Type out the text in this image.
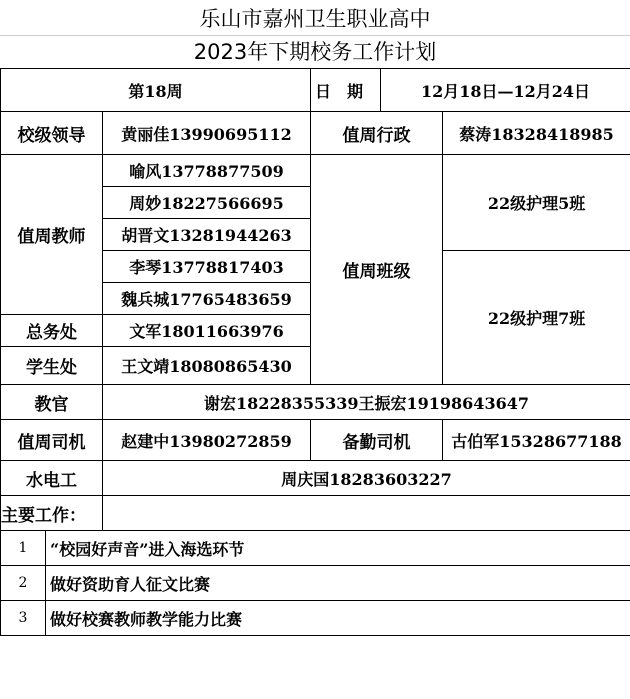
乐山市嘉州卫生职业高中
2023年下期校务工作计划
第18周			日　期	12月18日—12月24日	
校级领导		黄丽佳13990695112	值周行政		蔡涛18328418985
值周教师		喻风13778877509	值周班级		22级护理5班
		周妙18227566695			
		胡晋文13281944263			
		李琴13778817403			22级护理7班
		魏兵城17765483659			
总务处		文军18011663976			
学生处		王文靖18080865430			
教官		谢宏18228355339王振宏19198643647			
值周司机		赵建中13980272859	备勤司机		古伯军15328677188
水电工		周庆国18283603227			
主要工作：					
1	“校园好声音”进入海选环节				
2	做好资助育人征文比赛				
3	做好校赛教师教学能力比赛				
